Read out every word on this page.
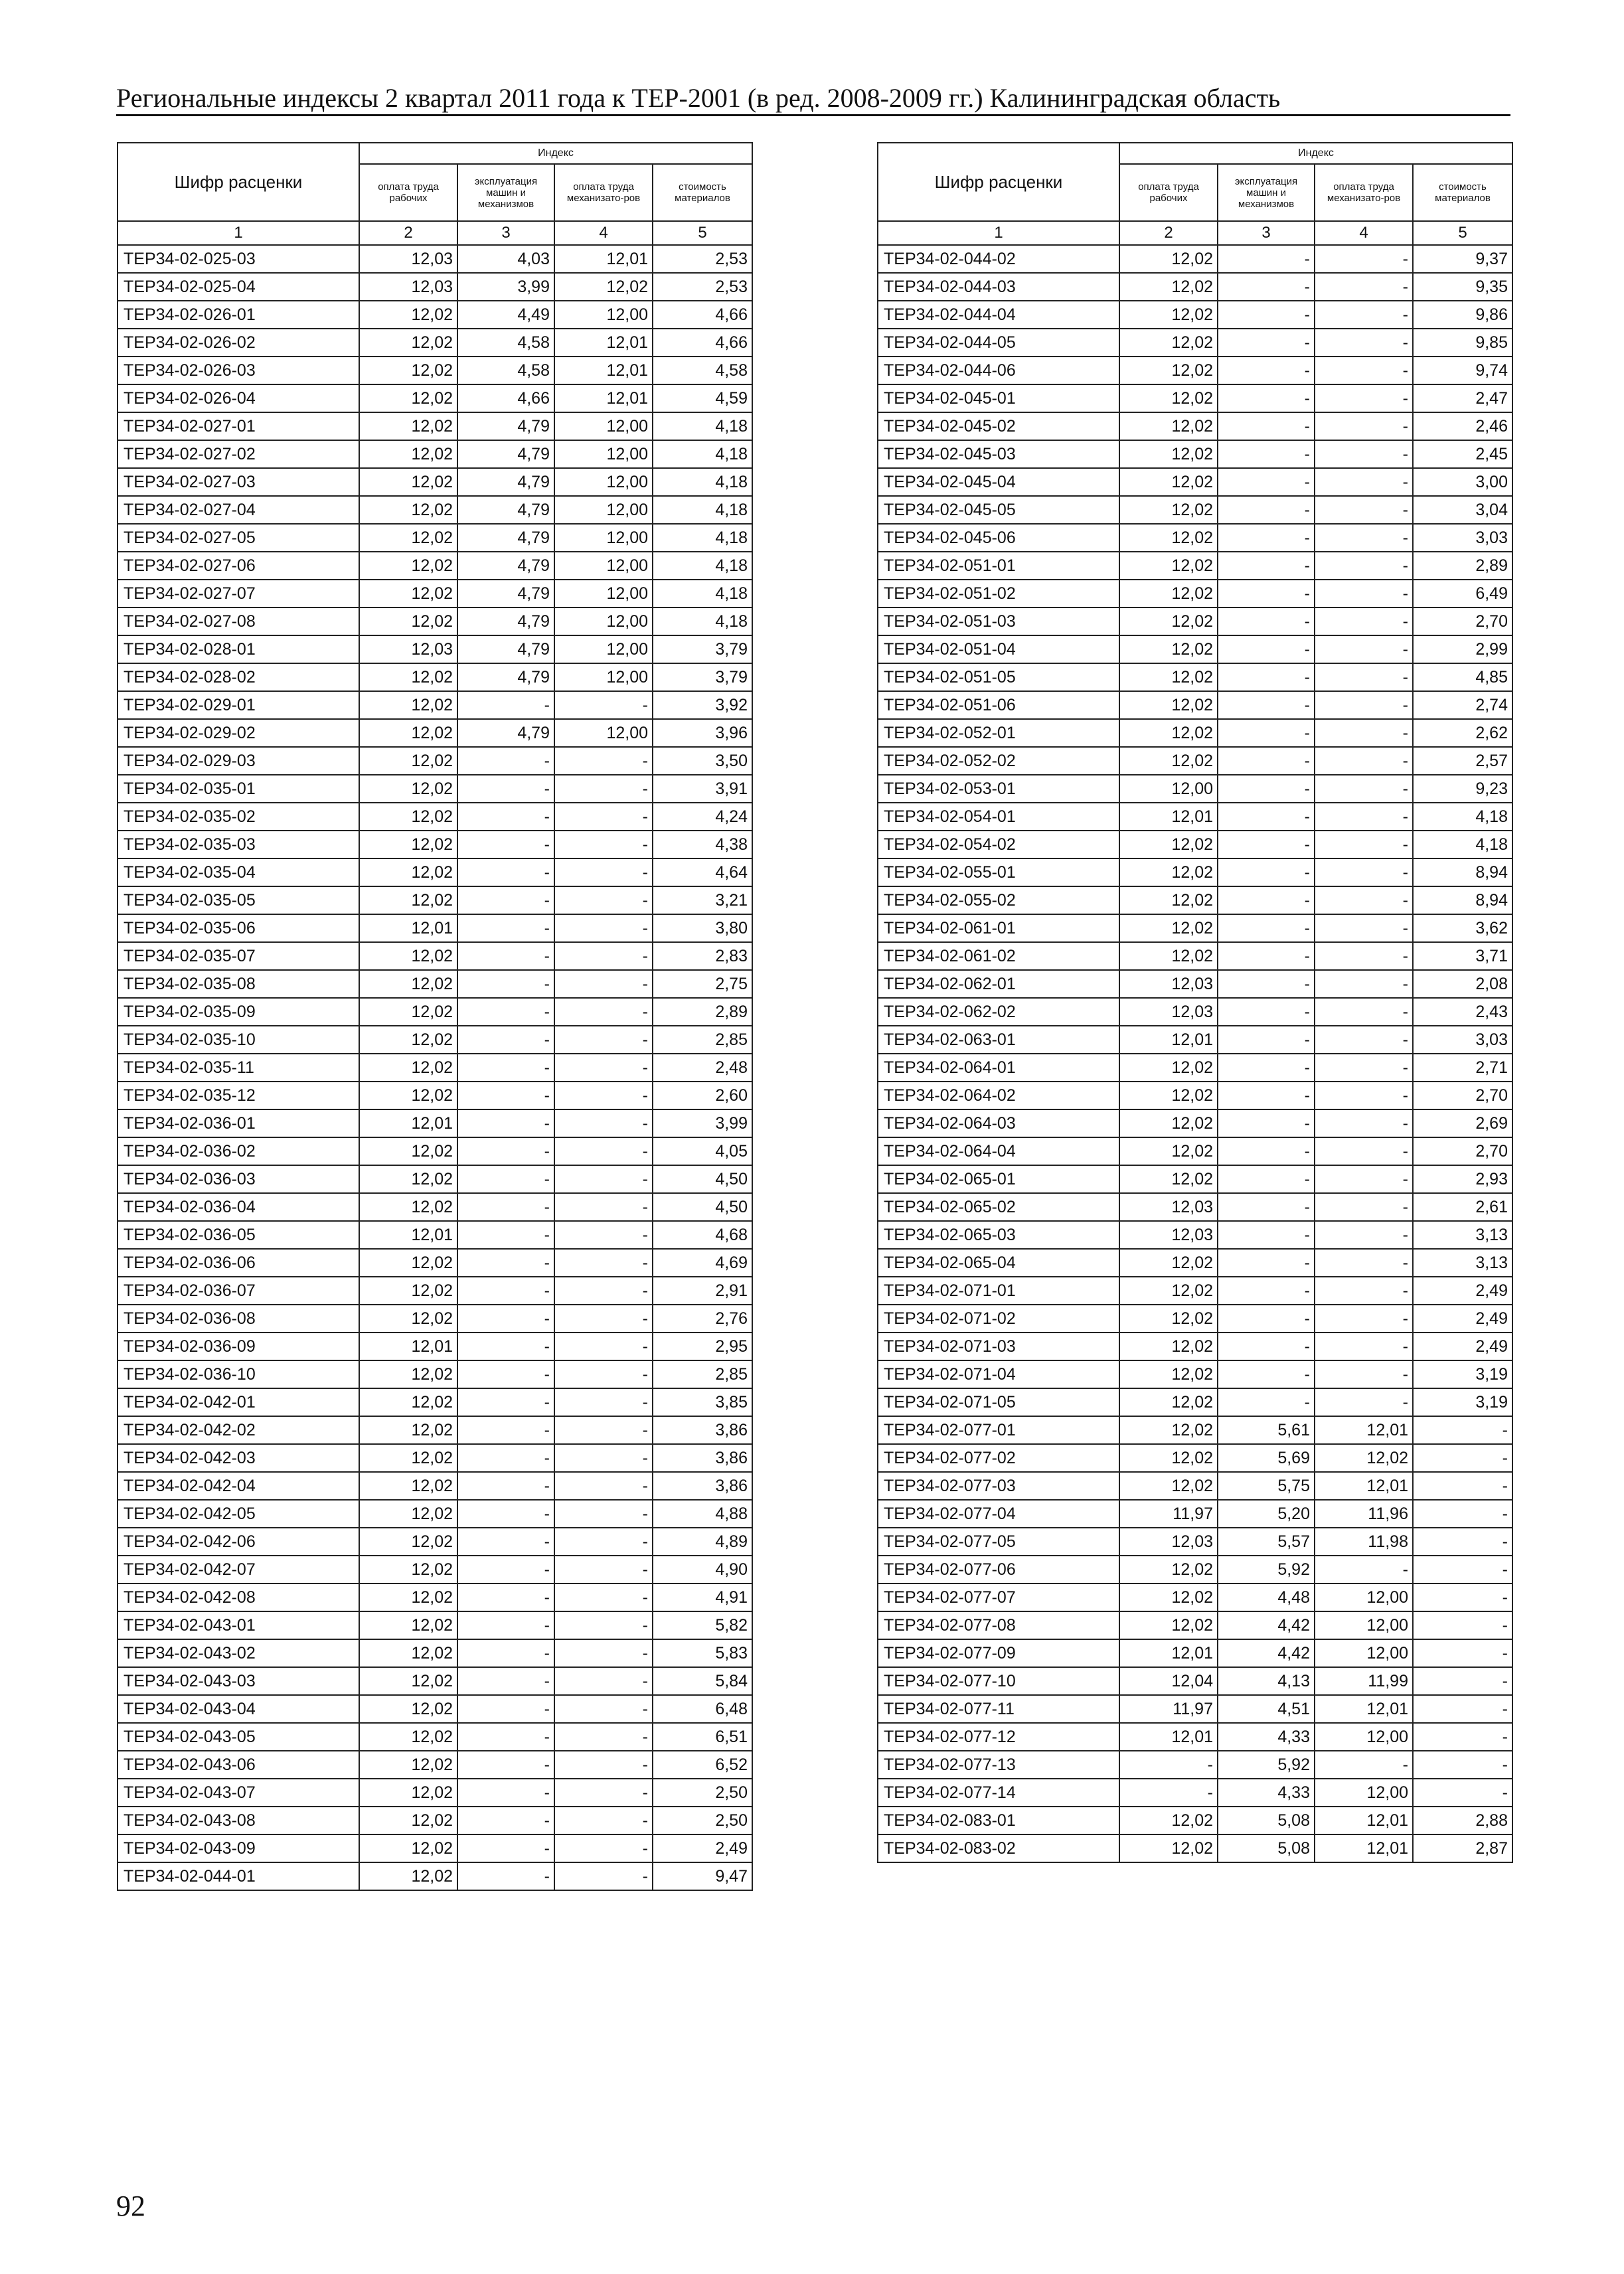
Региональные индексы 2 квартал 2011 года к ТЕР-2001 (в ред. 2008-2009 гг.) Калининградская область
Шифр расценки	Индекс			
	оплата труда рабочих	эксплуатация машин и механизмов	оплата труда механизато-ров	стоимость материалов
1	2	3	4	5
ТЕР34-02-025-03	12,03	4,03	12,01	2,53
ТЕР34-02-025-04	12,03	3,99	12,02	2,53
ТЕР34-02-026-01	12,02	4,49	12,00	4,66
ТЕР34-02-026-02	12,02	4,58	12,01	4,66
ТЕР34-02-026-03	12,02	4,58	12,01	4,58
ТЕР34-02-026-04	12,02	4,66	12,01	4,59
ТЕР34-02-027-01	12,02	4,79	12,00	4,18
ТЕР34-02-027-02	12,02	4,79	12,00	4,18
ТЕР34-02-027-03	12,02	4,79	12,00	4,18
ТЕР34-02-027-04	12,02	4,79	12,00	4,18
ТЕР34-02-027-05	12,02	4,79	12,00	4,18
ТЕР34-02-027-06	12,02	4,79	12,00	4,18
ТЕР34-02-027-07	12,02	4,79	12,00	4,18
ТЕР34-02-027-08	12,02	4,79	12,00	4,18
ТЕР34-02-028-01	12,03	4,79	12,00	3,79
ТЕР34-02-028-02	12,02	4,79	12,00	3,79
ТЕР34-02-029-01	12,02	-	-	3,92
ТЕР34-02-029-02	12,02	4,79	12,00	3,96
ТЕР34-02-029-03	12,02	-	-	3,50
ТЕР34-02-035-01	12,02	-	-	3,91
ТЕР34-02-035-02	12,02	-	-	4,24
ТЕР34-02-035-03	12,02	-	-	4,38
ТЕР34-02-035-04	12,02	-	-	4,64
ТЕР34-02-035-05	12,02	-	-	3,21
ТЕР34-02-035-06	12,01	-	-	3,80
ТЕР34-02-035-07	12,02	-	-	2,83
ТЕР34-02-035-08	12,02	-	-	2,75
ТЕР34-02-035-09	12,02	-	-	2,89
ТЕР34-02-035-10	12,02	-	-	2,85
ТЕР34-02-035-11	12,02	-	-	2,48
ТЕР34-02-035-12	12,02	-	-	2,60
ТЕР34-02-036-01	12,01	-	-	3,99
ТЕР34-02-036-02	12,02	-	-	4,05
ТЕР34-02-036-03	12,02	-	-	4,50
ТЕР34-02-036-04	12,02	-	-	4,50
ТЕР34-02-036-05	12,01	-	-	4,68
ТЕР34-02-036-06	12,02	-	-	4,69
ТЕР34-02-036-07	12,02	-	-	2,91
ТЕР34-02-036-08	12,02	-	-	2,76
ТЕР34-02-036-09	12,01	-	-	2,95
ТЕР34-02-036-10	12,02	-	-	2,85
ТЕР34-02-042-01	12,02	-	-	3,85
ТЕР34-02-042-02	12,02	-	-	3,86
ТЕР34-02-042-03	12,02	-	-	3,86
ТЕР34-02-042-04	12,02	-	-	3,86
ТЕР34-02-042-05	12,02	-	-	4,88
ТЕР34-02-042-06	12,02	-	-	4,89
ТЕР34-02-042-07	12,02	-	-	4,90
ТЕР34-02-042-08	12,02	-	-	4,91
ТЕР34-02-043-01	12,02	-	-	5,82
ТЕР34-02-043-02	12,02	-	-	5,83
ТЕР34-02-043-03	12,02	-	-	5,84
ТЕР34-02-043-04	12,02	-	-	6,48
ТЕР34-02-043-05	12,02	-	-	6,51
ТЕР34-02-043-06	12,02	-	-	6,52
ТЕР34-02-043-07	12,02	-	-	2,50
ТЕР34-02-043-08	12,02	-	-	2,50
ТЕР34-02-043-09	12,02	-	-	2,49
ТЕР34-02-044-01	12,02	-	-	9,47
Шифр расценки	Индекс			
	оплата труда рабочих	эксплуатация машин и механизмов	оплата труда механизато-ров	стоимость материалов
1	2	3	4	5
ТЕР34-02-044-02	12,02	-	-	9,37
ТЕР34-02-044-03	12,02	-	-	9,35
ТЕР34-02-044-04	12,02	-	-	9,86
ТЕР34-02-044-05	12,02	-	-	9,85
ТЕР34-02-044-06	12,02	-	-	9,74
ТЕР34-02-045-01	12,02	-	-	2,47
ТЕР34-02-045-02	12,02	-	-	2,46
ТЕР34-02-045-03	12,02	-	-	2,45
ТЕР34-02-045-04	12,02	-	-	3,00
ТЕР34-02-045-05	12,02	-	-	3,04
ТЕР34-02-045-06	12,02	-	-	3,03
ТЕР34-02-051-01	12,02	-	-	2,89
ТЕР34-02-051-02	12,02	-	-	6,49
ТЕР34-02-051-03	12,02	-	-	2,70
ТЕР34-02-051-04	12,02	-	-	2,99
ТЕР34-02-051-05	12,02	-	-	4,85
ТЕР34-02-051-06	12,02	-	-	2,74
ТЕР34-02-052-01	12,02	-	-	2,62
ТЕР34-02-052-02	12,02	-	-	2,57
ТЕР34-02-053-01	12,00	-	-	9,23
ТЕР34-02-054-01	12,01	-	-	4,18
ТЕР34-02-054-02	12,02	-	-	4,18
ТЕР34-02-055-01	12,02	-	-	8,94
ТЕР34-02-055-02	12,02	-	-	8,94
ТЕР34-02-061-01	12,02	-	-	3,62
ТЕР34-02-061-02	12,02	-	-	3,71
ТЕР34-02-062-01	12,03	-	-	2,08
ТЕР34-02-062-02	12,03	-	-	2,43
ТЕР34-02-063-01	12,01	-	-	3,03
ТЕР34-02-064-01	12,02	-	-	2,71
ТЕР34-02-064-02	12,02	-	-	2,70
ТЕР34-02-064-03	12,02	-	-	2,69
ТЕР34-02-064-04	12,02	-	-	2,70
ТЕР34-02-065-01	12,02	-	-	2,93
ТЕР34-02-065-02	12,03	-	-	2,61
ТЕР34-02-065-03	12,03	-	-	3,13
ТЕР34-02-065-04	12,02	-	-	3,13
ТЕР34-02-071-01	12,02	-	-	2,49
ТЕР34-02-071-02	12,02	-	-	2,49
ТЕР34-02-071-03	12,02	-	-	2,49
ТЕР34-02-071-04	12,02	-	-	3,19
ТЕР34-02-071-05	12,02	-	-	3,19
ТЕР34-02-077-01	12,02	5,61	12,01	-
ТЕР34-02-077-02	12,02	5,69	12,02	-
ТЕР34-02-077-03	12,02	5,75	12,01	-
ТЕР34-02-077-04	11,97	5,20	11,96	-
ТЕР34-02-077-05	12,03	5,57	11,98	-
ТЕР34-02-077-06	12,02	5,92	-	-
ТЕР34-02-077-07	12,02	4,48	12,00	-
ТЕР34-02-077-08	12,02	4,42	12,00	-
ТЕР34-02-077-09	12,01	4,42	12,00	-
ТЕР34-02-077-10	12,04	4,13	11,99	-
ТЕР34-02-077-11	11,97	4,51	12,01	-
ТЕР34-02-077-12	12,01	4,33	12,00	-
ТЕР34-02-077-13	-	5,92	-	-
ТЕР34-02-077-14	-	4,33	12,00	-
ТЕР34-02-083-01	12,02	5,08	12,01	2,88
ТЕР34-02-083-02	12,02	5,08	12,01	2,87
92
